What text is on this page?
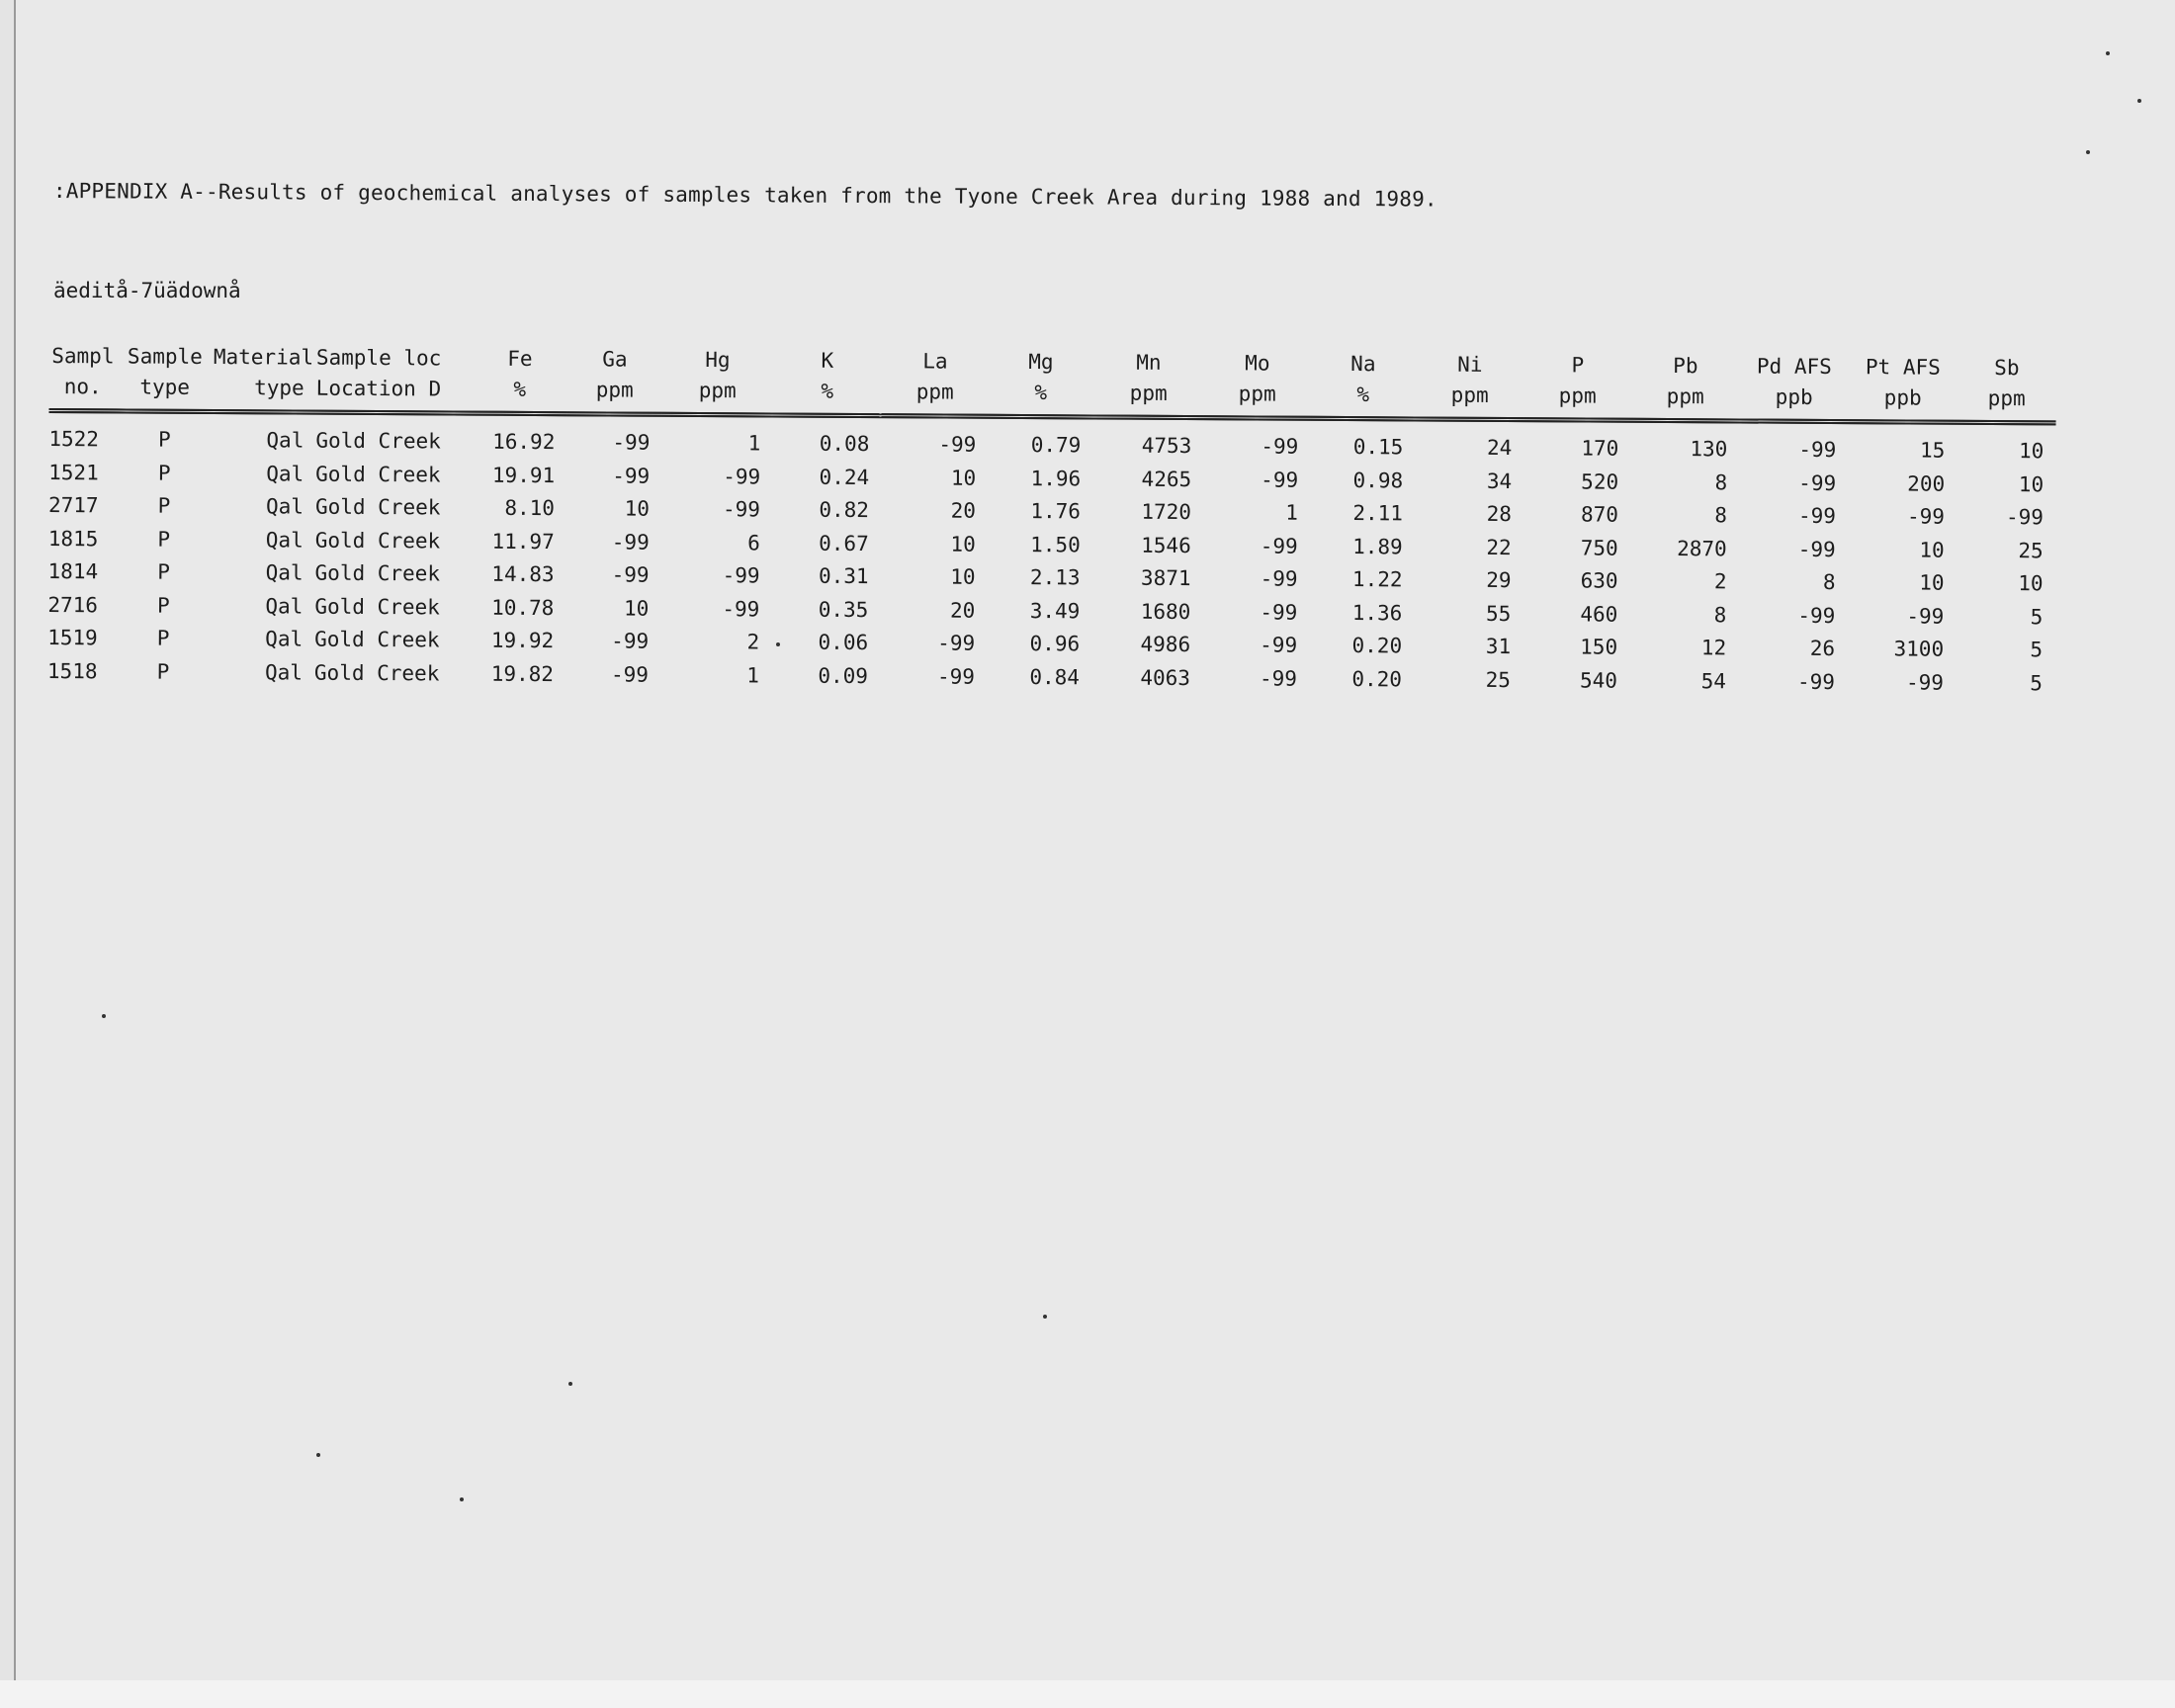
:APPENDIX A--Results of geochemical analyses of samples taken from the Tyone Creek Area during 1988 and 1989.
äeditå-7üädownå
Sampl	Sample	Material	Sample loc	Fe	Ga	Hg	K	La	Mg	Mn	Mo	Na	Ni	P	Pb	Pd AFS	Pt AFS	Sb
no.	type	type	Location D	%	ppm	ppm	%	ppm	%	ppm	ppm	%	ppm	ppm	ppm	ppb	ppb	ppm
1522	P	Qal	Gold Creek	16.92	-99	1	0.08	-99	0.79	4753	-99	0.15	24	170	130	-99	15	10
1521	P	Qal	Gold Creek	19.91	-99	-99	0.24	10	1.96	4265	-99	0.98	34	520	8	-99	200	10
2717	P	Qal	Gold Creek	8.10	10	-99	0.82	20	1.76	1720	1	2.11	28	870	8	-99	-99	-99
1815	P	Qal	Gold Creek	11.97	-99	6	0.67	10	1.50	1546	-99	1.89	22	750	2870	-99	10	25
1814	P	Qal	Gold Creek	14.83	-99	-99	0.31	10	2.13	3871	-99	1.22	29	630	2	8	10	10
2716	P	Qal	Gold Creek	10.78	10	-99	0.35	20	3.49	1680	-99	1.36	55	460	8	-99	-99	5
1519	P	Qal	Gold Creek	19.92	-99	2	0.06	-99	0.96	4986	-99	0.20	31	150	12	26	3100	5
1518	P	Qal	Gold Creek	19.82	-99	1	0.09	-99	0.84	4063	-99	0.20	25	540	54	-99	-99	5
